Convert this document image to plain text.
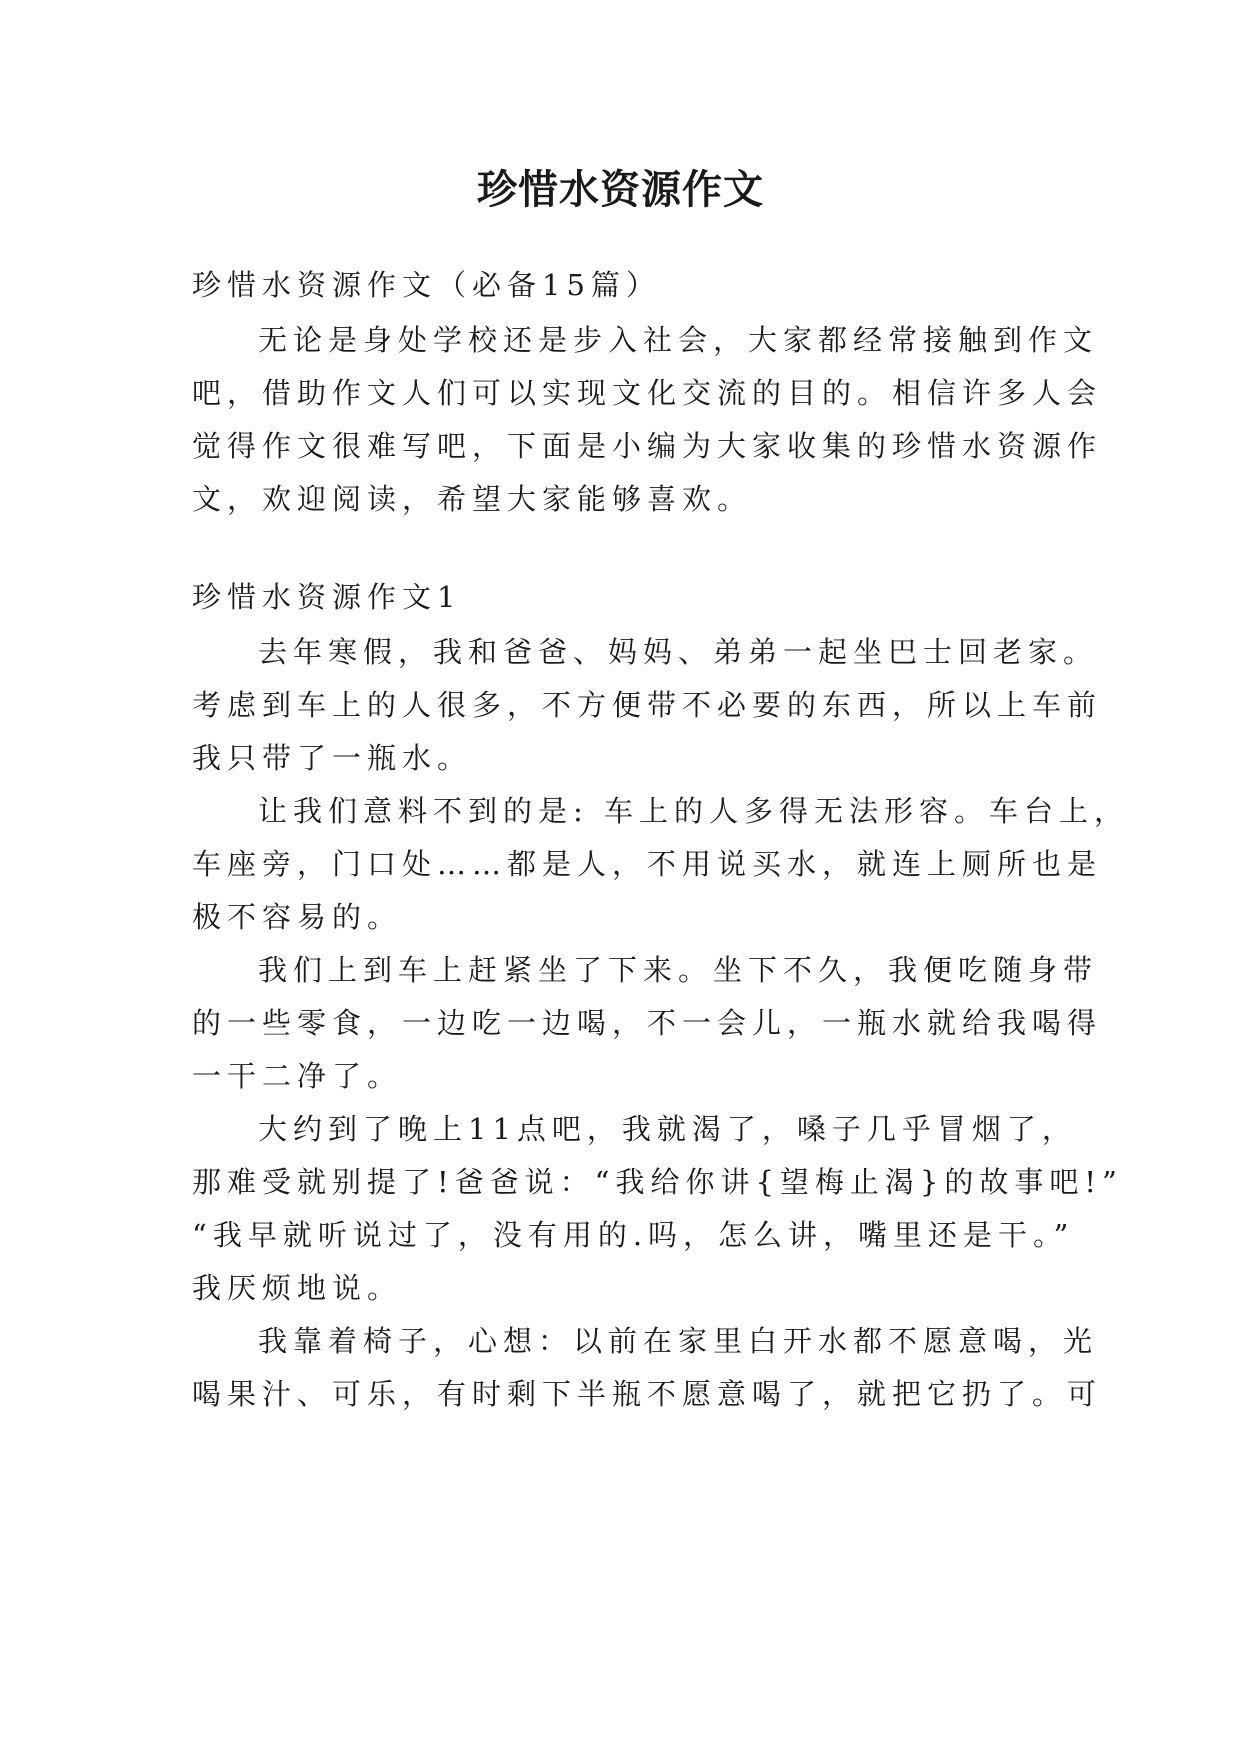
珍惜水资源作文

珍惜水资源作文（必备15篇）

无论是身处学校还是步入社会，大家都经常接触到作文

吧，借助作文人们可以实现文化交流的目的。相信许多人会

觉得作文很难写吧，下面是小编为大家收集的珍惜水资源作

文，欢迎阅读，希望大家能够喜欢。

珍惜水资源作文1

去年寒假，我和爸爸、妈妈、弟弟一起坐巴士回老家。

考虑到车上的人很多，不方便带不必要的东西，所以上车前

我只带了一瓶水。

让我们意料不到的是: 车上的人多得无法形容。车台上，

车座旁，门口处……都是人，不用说买水，就连上厕所也是

极不容易的。

我们上到车上赶紧坐了下来。坐下不久，我便吃随身带

的一些零食，一边吃一边喝，不一会儿，一瓶水就给我喝得

一干二净了。

大约到了晚上11点吧，我就渴了，嗓子几乎冒烟了，

那难受就别提了!爸爸说：“我给你讲{望梅止渴}的故事吧!”

“我早就听说过了，没有用的.吗，怎么讲，嘴里还是干。”

我厌烦地说。

我靠着椅子，心想：以前在家里白开水都不愿意喝，光

喝果汁、可乐，有时剩下半瓶不愿意喝了，就把它扔了。可
